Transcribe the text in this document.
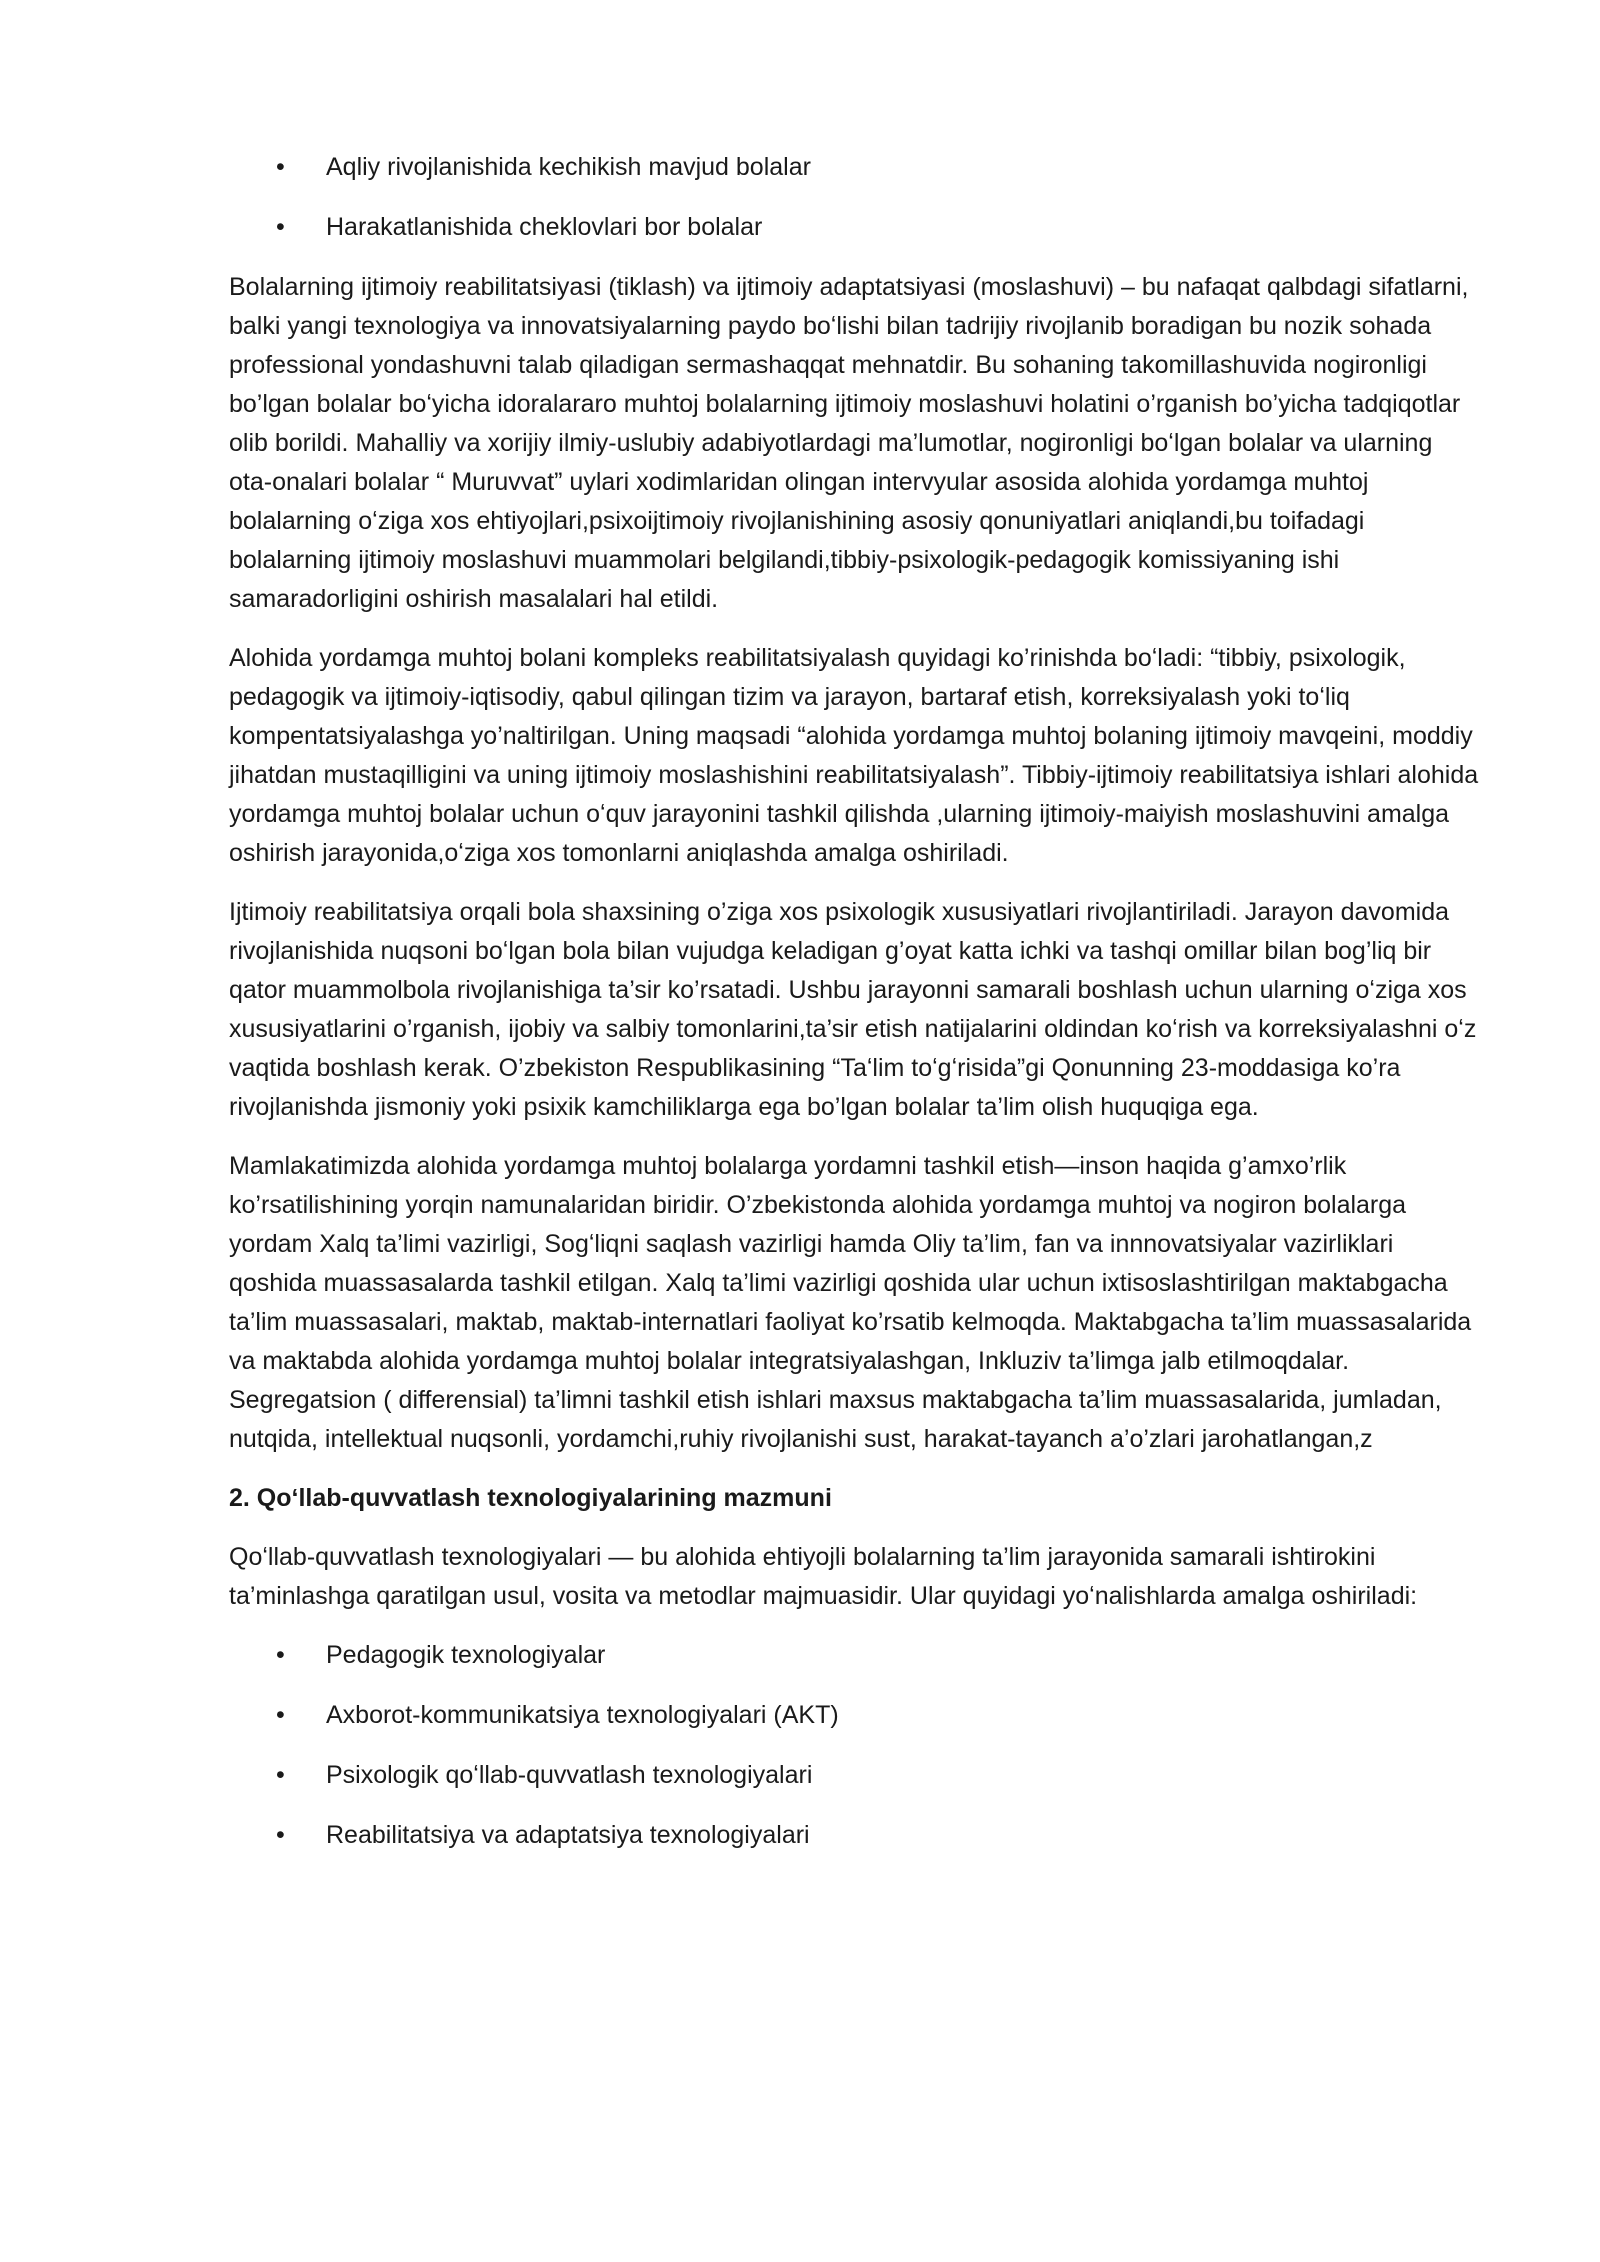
• Aqliy rivojlanishida kechikish mavjud bolalar
• Harakatlanishida cheklovlari bor bolalar

Bolalarning ijtimoiy reabilitatsiyasi (tiklash) va ijtimoiy adaptatsiyasi (moslashuvi) – bu nafaqat qalbdagi sifatlarni, balki yangi texnologiya va innovatsiyalarning paydo boʻlishi bilan tadrijiy rivojlanib boradigan bu nozik sohada professional yondashuvni talab qiladigan sermashaqqat mehnatdir. Bu sohaning takomillashuvida nogironligi bo’lgan bolalar boʻyicha idoralararo muhtoj bolalarning ijtimoiy moslashuvi holatini o’rganish bo’yicha tadqiqotlar olib borildi. Mahalliy va xorijiy ilmiy-uslubiy adabiyotlardagi ma’lumotlar, nogironligi boʻlgan bolalar va ularning ota-onalari bolalar “ Muruvvat” uylari xodimlaridan olingan intervyular asosida alohida yordamga muhtoj bolalarning oʻziga xos ehtiyojlari,psixoijtimoiy rivojlanishining asosiy qonuniyatlari aniqlandi,bu toifadagi bolalarning ijtimoiy moslashuvi muammolari belgilandi,tibbiy-psixologik-pedagogik komissiyaning ishi samaradorligini oshirish masalalari hal etildi.

Alohida yordamga muhtoj bolani kompleks reabilitatsiyalash quyidagi ko’rinishda boʻladi: “tibbiy, psixologik, pedagogik va ijtimoiy-iqtisodiy, qabul qilingan tizim va jarayon, bartaraf etish, korreksiyalash yoki toʻliq kompentatsiyalashga yo’naltirilgan. Uning maqsadi “alohida yordamga muhtoj bolaning ijtimoiy mavqeini, moddiy jihatdan mustaqilligini va uning ijtimoiy moslashishini reabilitatsiyalash”. Tibbiy-ijtimoiy reabilitatsiya ishlari alohida yordamga muhtoj bolalar uchun oʻquv jarayonini tashkil qilishda ,ularning ijtimoiy-maiyish moslashuvini amalga oshirish jarayonida,oʻziga xos tomonlarni aniqlashda amalga oshiriladi.

Ijtimoiy reabilitatsiya orqali bola shaxsining o’ziga xos psixologik xususiyatlari rivojlantiriladi. Jarayon davomida rivojlanishida nuqsoni boʻlgan bola bilan vujudga keladigan g’oyat katta ichki va tashqi omillar bilan bog’liq bir qator muammolbola rivojlanishiga ta’sir ko’rsatadi. Ushbu jarayonni samarali boshlash uchun ularning oʻziga xos xususiyatlarini o’rganish, ijobiy va salbiy tomonlarini,ta’sir etish natijalarini oldindan koʻrish va korreksiyalashni oʻz vaqtida boshlash kerak. O’zbekiston Respublikasining “Taʻlim toʻgʻrisida”gi Qonunning 23-moddasiga ko’ra rivojlanishda jismoniy yoki psixik kamchiliklarga ega bo’lgan bolalar ta’lim olish huquqiga ega.

Mamlakatimizda alohida yordamga muhtoj bolalarga yordamni tashkil etish—inson haqida g’amxo’rlik ko’rsatilishining yorqin namunalaridan biridir. O’zbekistonda alohida yordamga muhtoj va nogiron bolalarga yordam Xalq ta’limi vazirligi, Sogʻliqni saqlash vazirligi hamda Oliy ta’lim, fan va innnovatsiyalar vazirliklari qoshida muassasalarda tashkil etilgan. Xalq ta’limi vazirligi qoshida ular uchun ixtisoslashtirilgan maktabgacha ta’lim muassasalari, maktab, maktab-internatlari faoliyat ko’rsatib kelmoqda. Maktabgacha ta’lim muassasalarida va maktabda alohida yordamga muhtoj bolalar integratsiyalashgan, Inkluziv ta’limga jalb etilmoqdalar. Segregatsion ( differensial) ta’limni tashkil etish ishlari maxsus maktabgacha ta’lim muassasalarida, jumladan, nutqida, intellektual nuqsonli, yordamchi,ruhiy rivojlanishi sust, harakat-tayanch a’o’zlari jarohatlangan,z

2. Qoʻllab-quvvatlash texnologiyalarining mazmuni

Qoʻllab-quvvatlash texnologiyalari — bu alohida ehtiyojli bolalarning ta’lim jarayonida samarali ishtirokini ta’minlashga qaratilgan usul, vosita va metodlar majmuasidir. Ular quyidagi yoʻnalishlarda amalga oshiriladi:

• Pedagogik texnologiyalar
• Axborot-kommunikatsiya texnologiyalari (AKT)
• Psixologik qoʻllab-quvvatlash texnologiyalari
• Reabilitatsiya va adaptatsiya texnologiyalari
